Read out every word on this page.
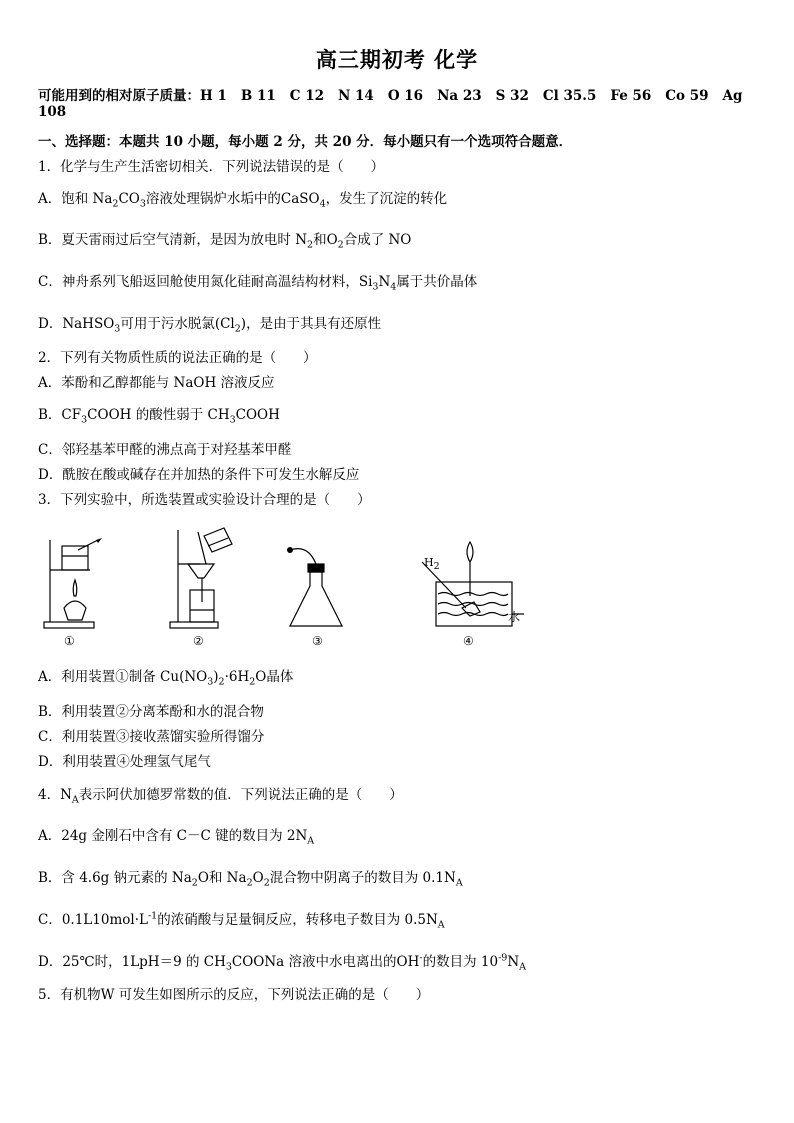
高三期初考 化学
可能用到的相对原子质量：H 1 B 11 C 12 N 14 O 16 Na 23 S 32 Cl 35.5 Fe 56 Co 59 Ag
108
一、选择题：本题共 10 小题，每小题 2 分，共 20 分．每小题只有一个选项符合题意．
1．化学与生产生活密切相关．下列说法错误的是（　　）
A．饱和 $Na_2CO_3$溶液处理锅炉水垢中的CaSO$_4$，发生了沉淀的转化
B．夏天雷雨过后空气清新，是因为放电时 $N_2$和$O_2$合成了 NO
C．神舟系列飞船返回舱使用氮化硅耐高温结构材料，$Si_3N_4$属于共价晶体
D．NaHSO$_3$可用于污水脱氯$(Cl_2)$，是由于其具有还原性
2．下列有关物质性质的说法正确的是（　　）
A．苯酚和乙醇都能与 NaOH 溶液反应
B．$CF_3COOH$ 的酸性弱于 $CH_3COOH$
C．邻羟基苯甲醛的沸点高于对羟基苯甲醛
D．酰胺在酸或碱存在并加热的条件下可发生水解反应
3．下列实验中，所选装置或实验设计合理的是（　　）
①	②	③	④
$H_2$
水
A．利用装置①制备 $Cu(NO_3)_2\cdot 6H_2O$晶体
B．利用装置②分离苯酚和水的混合物
C．利用装置③接收蒸馏实验所得馏分
D．利用装置④处理氢气尾气
4．$N_A$表示阿伏加德罗常数的值．下列说法正确的是（　　）
A．24g 金刚石中含有 C－C 键的数目为 $2N_A$
B．含 4.6g 钠元素的 $Na_2O$和 $Na_2O_2$混合物中阴离子的数目为 $0.1N_A$
C．$0.1L10mol\cdot L^{-1}$的浓硝酸与足量铜反应，转移电子数目为 $0.5N_A$
D．25℃时，1LpH＝9 的 $CH_3COONa$ 溶液中水电离出的OH-的数目为 $10^{-9}N_A$
5．有机物W 可发生如图所示的反应，下列说法正确的是（　　）
